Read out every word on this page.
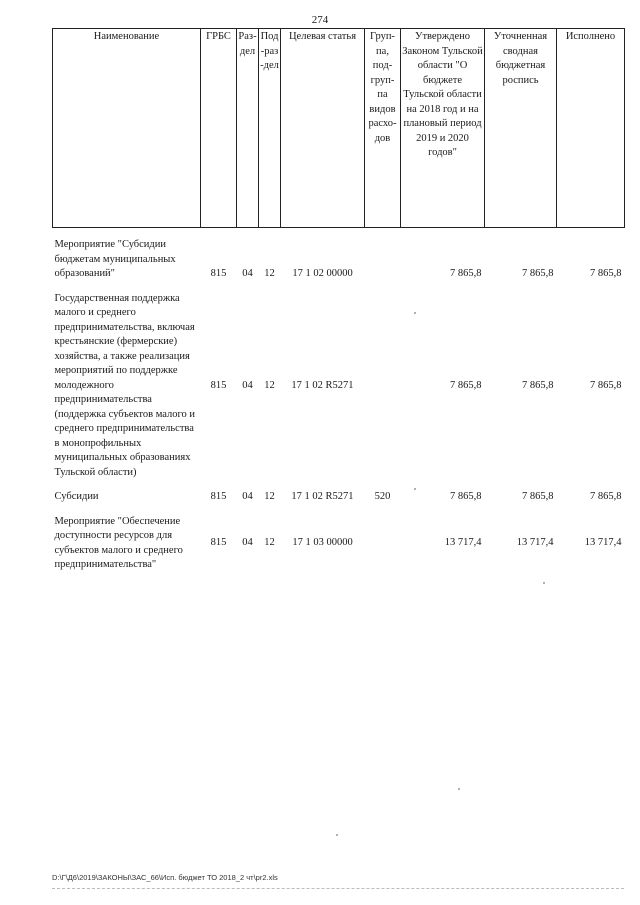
274
Наименование	ГРБС	Раз-дел	Под-раз-дел	Целевая статья	Груп-па, под-груп-па видов расхо-дов	Утверждено Законом Тульской области "О бюджете Тульской области на 2018 год и на плановый период 2019 и 2020 годов"	Уточненная сводная бюджетная роспись	Исполнено

Мероприятие "Субсидии бюджетам муниципальных образований"	815	04	12	17 1 02 00000		7 865,8	7 865,8	7 865,8

Государственная поддержка малого и среднего предпринимательства, включая крестьянские (фермерские) хозяйства, а также реализация мероприятий по поддержке молодежного предпринимательства (поддержка субъектов малого и среднего предпринимательства в монопрофильных муниципальных образованиях Тульской области)	815	04	12	17 1 02 R5271		7 865,8	7 865,8	7 865,8

Субсидии	815	04	12	17 1 02 R5271	520	7 865,8	7 865,8	7 865,8

Мероприятие "Обеспечение доступности ресурсов для субъектов малого и среднего предпринимательства"	815	04	12	17 1 03 00000		13 717,4	13 717,4	13 717,4
D:\Г\Д6\2019\ЗАКОНЫ\ЗАС_66\Исп. бюджет ТО 2018_2 чт\pr2.xls
